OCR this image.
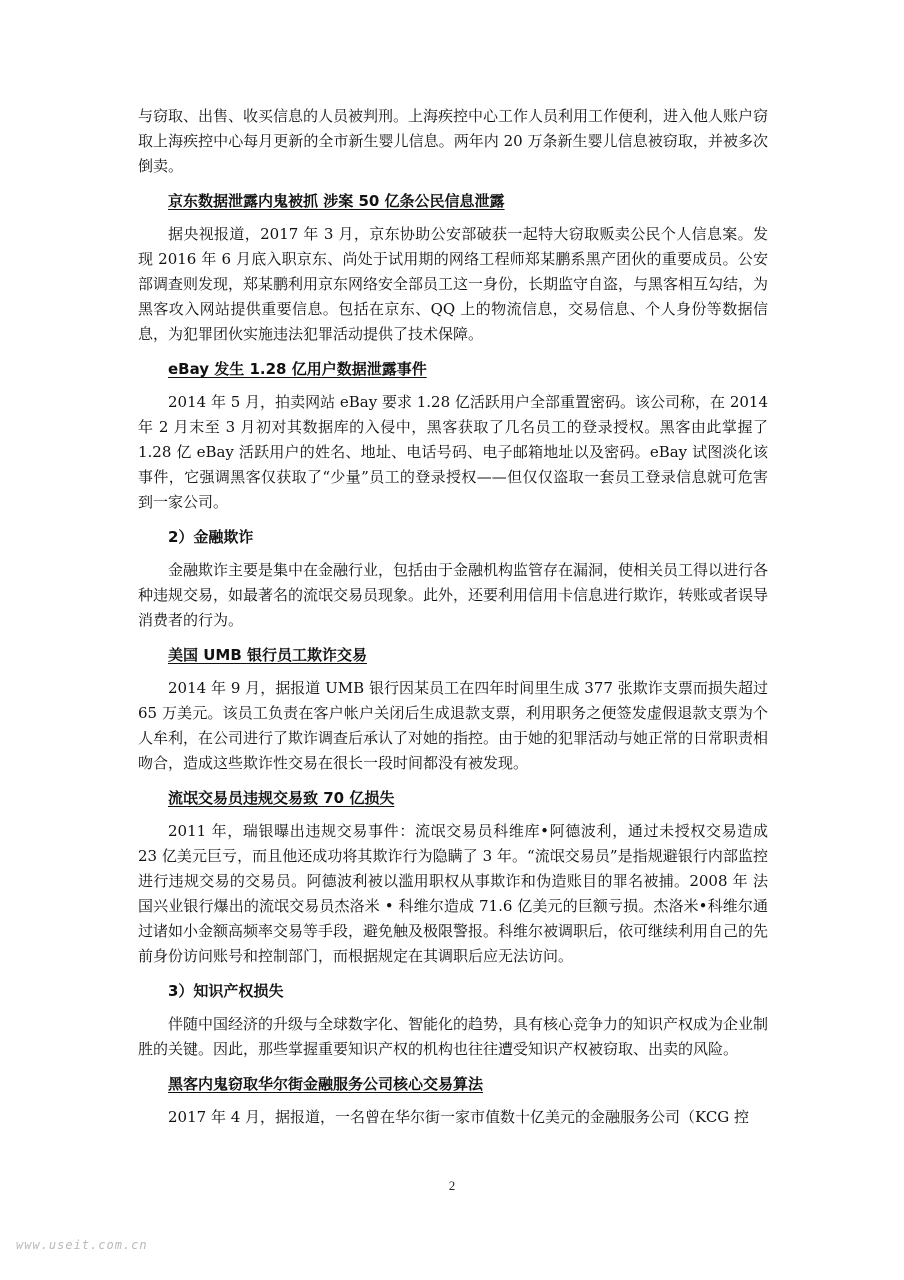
与窃取、出售、收买信息的人员被判刑。上海疾控中心工作人员利用工作便利，进入他人账户窃取上海疾控中心每月更新的全市新生婴儿信息。两年内 20 万条新生婴儿信息被窃取，并被多次倒卖。

京东数据泄露内鬼被抓 涉案 50 亿条公民信息泄露

据央视报道，2017 年 3 月，京东协助公安部破获一起特大窃取贩卖公民个人信息案。发现 2016 年 6 月底入职京东、尚处于试用期的网络工程师郑某鹏系黑产团伙的重要成员。公安部调查则发现，郑某鹏利用京东网络安全部员工这一身份，长期监守自盗，与黑客相互勾结，为黑客攻入网站提供重要信息。包括在京东、QQ 上的物流信息，交易信息、个人身份等数据信息，为犯罪团伙实施违法犯罪活动提供了技术保障。

eBay 发生 1.28 亿用户数据泄露事件

2014 年 5 月，拍卖网站 eBay 要求 1.28 亿活跃用户全部重置密码。该公司称，在 2014 年 2 月末至 3 月初对其数据库的入侵中，黑客获取了几名员工的登录授权。黑客由此掌握了 1.28 亿 eBay 活跃用户的姓名、地址、电话号码、电子邮箱地址以及密码。eBay 试图淡化该事件，它强调黑客仅获取了“少量”员工的登录授权——但仅仅盗取一套员工登录信息就可危害到一家公司。

2）金融欺诈

金融欺诈主要是集中在金融行业，包括由于金融机构监管存在漏洞，使相关员工得以进行各种违规交易，如最著名的流氓交易员现象。此外，还要利用信用卡信息进行欺诈，转账或者误导消费者的行为。

美国 UMB 银行员工欺诈交易

2014 年 9 月，据报道 UMB 银行因某员工在四年时间里生成 377 张欺诈支票而损失超过 65 万美元。该员工负责在客户帐户关闭后生成退款支票，利用职务之便签发虚假退款支票为个人牟利，在公司进行了欺诈调查后承认了对她的指控。由于她的犯罪活动与她正常的日常职责相吻合，造成这些欺诈性交易在很长一段时间都没有被发现。

流氓交易员违规交易致 70 亿损失

2011 年，瑞银曝出违规交易事件：流氓交易员科维库•阿德波利，通过未授权交易造成 23 亿美元巨亏，而且他还成功将其欺诈行为隐瞒了 3 年。“流氓交易员”是指规避银行内部监控进行违规交易的交易员。阿德波利被以滥用职权从事欺诈和伪造账目的罪名被捕。2008 年 法国兴业银行爆出的流氓交易员杰洛米 • 科维尔造成 71.6 亿美元的巨额亏损。杰洛米•科维尔通过诸如小金额高频率交易等手段，避免触及极限警报。科维尔被调职后，依可继续利用自己的先前身份访问账号和控制部门，而根据规定在其调职后应无法访问。

3）知识产权损失

伴随中国经济的升级与全球数字化、智能化的趋势，具有核心竞争力的知识产权成为企业制胜的关键。因此，那些掌握重要知识产权的机构也往往遭受知识产权被窃取、出卖的风险。

黑客内鬼窃取华尔街金融服务公司核心交易算法

2017 年 4 月，据报道，一名曾在华尔街一家市值数十亿美元的金融服务公司（KCG 控

2
www.useit.com.cn
